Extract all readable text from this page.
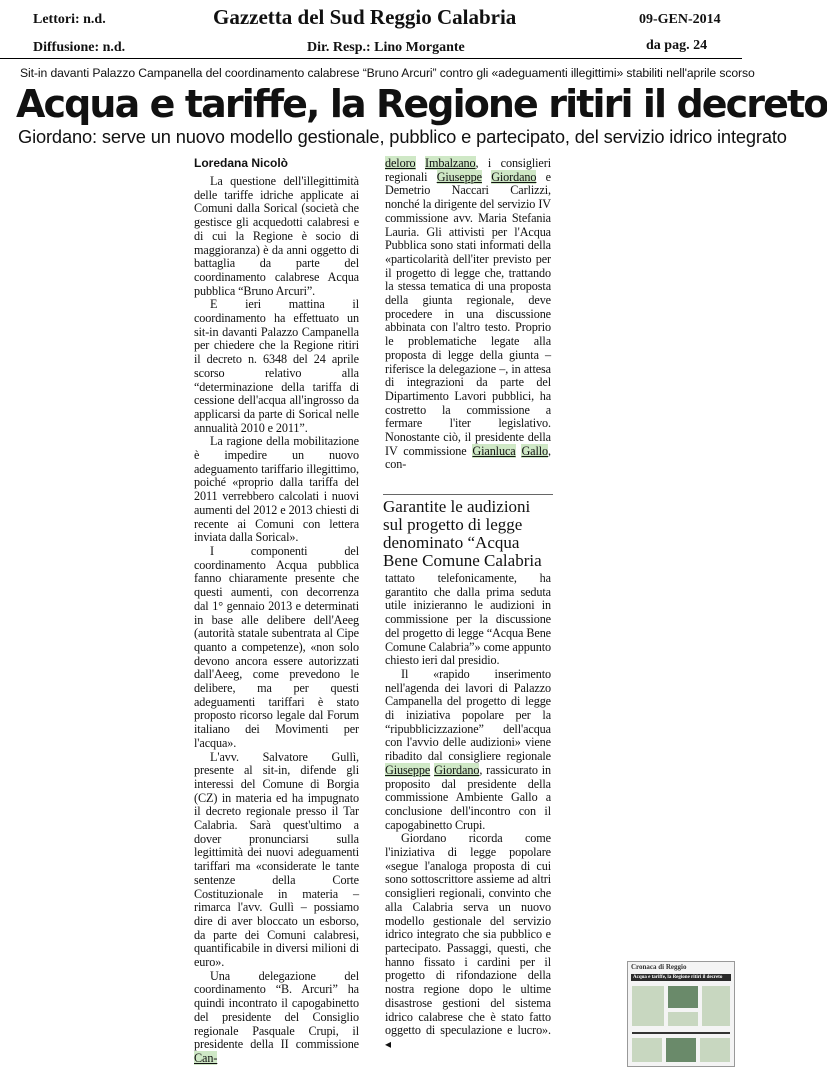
Lettori: n.d.	Gazzetta del Sud Reggio Calabria	09-GEN-2014
Diffusione: n.d.	Dir. Resp.: Lino Morgante	da pag. 24
Sit-in davanti Palazzo Campanella del coordinamento calabrese “Bruno Arcuri” contro gli «adeguamenti illegittimi» stabiliti nell'aprile scorso
Acqua e tariffe, la Regione ritiri il decreto
Giordano: serve un nuovo modello gestionale, pubblico e partecipato, del servizio idrico integrato
Loredana Nicolò

La questione dell'illegittimità delle tariffe idriche applicate ai Comuni dalla Sorical (società che gestisce gli acquedotti calabresi e di cui la Regione è socio di maggioranza) è da anni oggetto di battaglia da parte del coordinamento calabrese Acqua pubblica “Bruno Arcuri”.

E ieri mattina il coordinamento ha effettuato un sit-in davanti Palazzo Campanella per chiedere che la Regione ritiri il decreto n. 6348 del 24 aprile scorso relativo alla “determinazione della tariffa di cessione dell'acqua all'ingrosso da applicarsi da parte di Sorical nelle annualità 2010 e 2011”.

La ragione della mobilitazione è impedire un nuovo adeguamento tariffario illegittimo, poiché «proprio dalla tariffa del 2011 verrebbero calcolati i nuovi aumenti del 2012 e 2013 chiesti di recente ai Comuni con lettera inviata dalla Sorical».

I componenti del coordinamento Acqua pubblica fanno chiaramente presente che questi aumenti, con decorrenza dal 1° gennaio 2013 e determinati in base alle delibere dell'Aeeg (autorità statale subentrata al Cipe quanto a competenze), «non solo devono ancora essere autorizzati dall'Aeeg, come prevedono le delibere, ma per questi adeguamenti tariffari è stato proposto ricorso legale dal Forum italiano dei Movimenti per l'acqua».

L'avv. Salvatore Gullì, presente al sit-in, difende gli interessi del Comune di Borgia (CZ) in materia ed ha impugnato il decreto regionale presso il Tar Calabria. Sarà quest'ultimo a dover pronunciarsi sulla legittimità dei nuovi adeguamenti tariffari ma «considerate le tante sentenze della Corte Costituzionale in materia – rimarca l'avv. Gullì – possiamo dire di aver bloccato un esborso, da parte dei Comuni calabresi, quantificabile in diversi milioni di euro».

Una delegazione del coordinamento “B. Arcuri” ha quindi incontrato il capogabinetto del presidente del Consiglio regionale Pasquale Crupi, il presidente della II commissione Can-

deloro Imbalzano, i consiglieri regionali Giuseppe Giordano e Demetrio Naccari Carlizzi, nonché la dirigente del servizio IV commissione avv. Maria Stefania Lauria. Gli attivisti per l'Acqua Pubblica sono stati informati della «particolarità dell'iter previsto per il progetto di legge che, trattando la stessa tematica di una proposta della giunta regionale, deve procedere in una discussione abbinata con l'altro testo. Proprio le problematiche legate alla proposta di legge della giunta – riferisce la delegazione –, in attesa di integrazioni da parte del Dipartimento Lavori pubblici, ha costretto la commissione a fermare l'iter legislativo. Nonostante ciò, il presidente della IV commissione Gianluca Gallo, con-

Garantite le audizioni sul progetto di legge denominato “Acqua Bene Comune Calabria

tattato telefonicamente, ha garantito che dalla prima seduta utile inizieranno le audizioni in commissione per la discussione del progetto di legge “Acqua Bene Comune Calabria”» come appunto chiesto ieri dal presidio.

Il «rapido inserimento nell'agenda dei lavori di Palazzo Campanella del progetto di legge di iniziativa popolare per la “ripubblicizzazione” dell'acqua con l'avvio delle audizioni» viene ribadito dal consigliere regionale Giuseppe Giordano, rassicurato in proposito dal presidente della commissione Ambiente Gallo a conclusione dell'incontro con il capogabinetto Crupi.

Giordano ricorda come l'iniziativa di legge popolare «segue l'analoga proposta di cui sono sottoscrittore assieme ad altri consiglieri regionali, convinto che alla Calabria serva un nuovo modello gestionale del servizio idrico integrato che sia pubblico e partecipato. Passaggi, questi, che hanno fissato i cardini per il progetto di rifondazione della nostra regione dopo le ultime disastrose gestioni del sistema idrico calabrese che è stato fatto oggetto di speculazione e lucro». ◂

Cronaca di Reggio
Acqua e tariffe, la Regione ritiri il decreto
